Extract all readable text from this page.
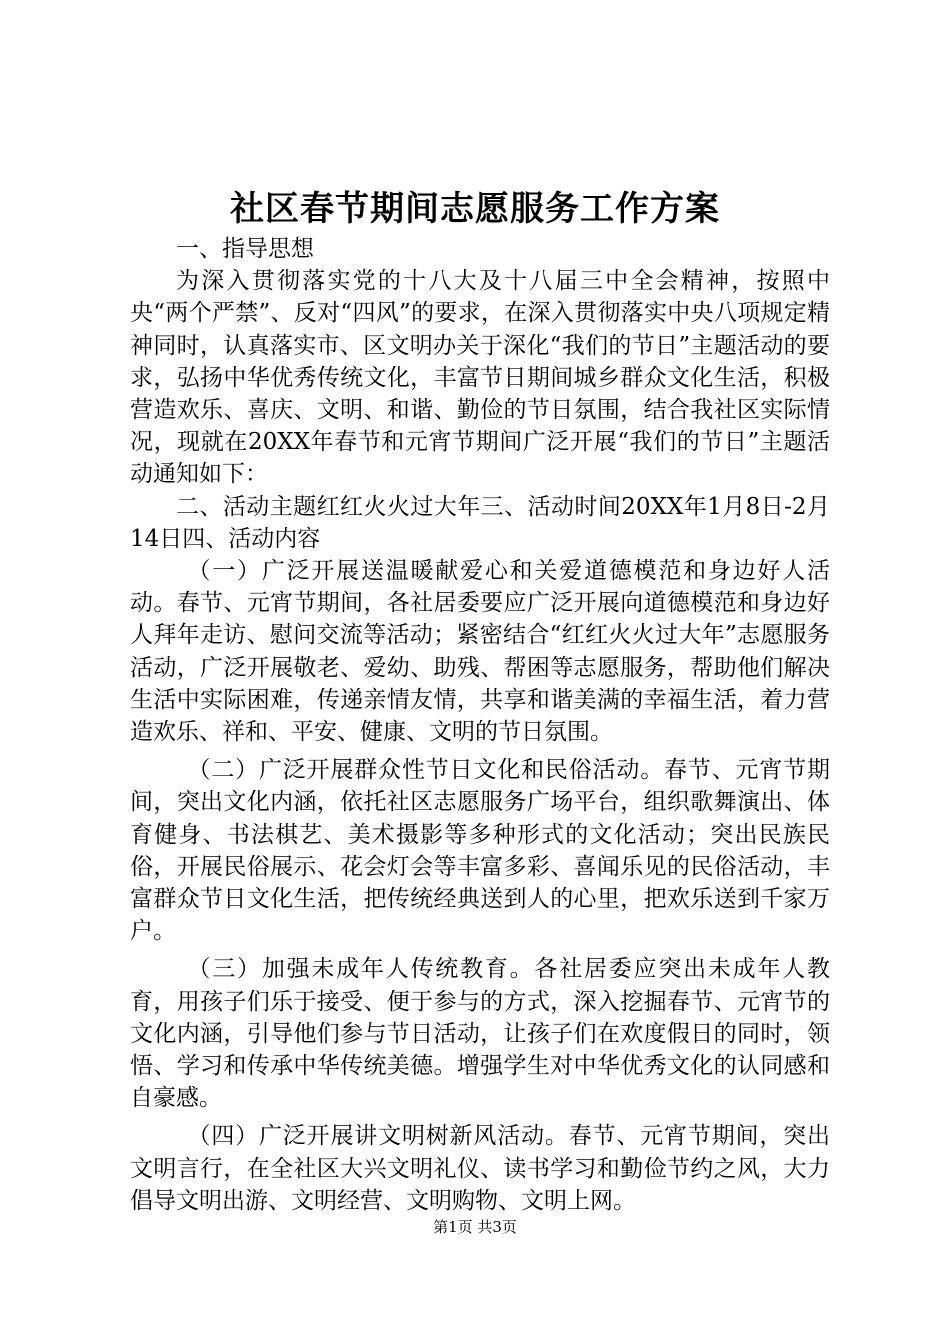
社区春节期间志愿服务工作方案

一、指导思想

为深入贯彻落实党的十八大及十八届三中全会精神，按照中央“两个严禁”、反对“四风”的要求，在深入贯彻落实中央八项规定精神同时，认真落实市、区文明办关于深化“我们的节日”主题活动的要求，弘扬中华优秀传统文化，丰富节日期间城乡群众文化生活，积极营造欢乐、喜庆、文明、和谐、勤俭的节日氛围，结合我社区实际情况，现就在20XX年春节和元宵节期间广泛开展“我们的节日”主题活动通知如下：

二、活动主题红红火火过大年三、活动时间20XX年1月8日-2月14日四、活动内容

（一）广泛开展送温暖献爱心和关爱道德模范和身边好人活动。春节、元宵节期间，各社居委要应广泛开展向道德模范和身边好人拜年走访、慰问交流等活动；紧密结合“红红火火过大年”志愿服务活动，广泛开展敬老、爱幼、助残、帮困等志愿服务，帮助他们解决生活中实际困难，传递亲情友情，共享和谐美满的幸福生活，着力营造欢乐、祥和、平安、健康、文明的节日氛围。

（二）广泛开展群众性节日文化和民俗活动。春节、元宵节期间，突出文化内涵，依托社区志愿服务广场平台，组织歌舞演出、体育健身、书法棋艺、美术摄影等多种形式的文化活动；突出民族民俗，开展民俗展示、花会灯会等丰富多彩、喜闻乐见的民俗活动，丰富群众节日文化生活，把传统经典送到人的心里，把欢乐送到千家万户。

（三）加强未成年人传统教育。各社居委应突出未成年人教育，用孩子们乐于接受、便于参与的方式，深入挖掘春节、元宵节的文化内涵，引导他们参与节日活动，让孩子们在欢度假日的同时，领悟、学习和传承中华传统美德。增强学生对中华优秀文化的认同感和自豪感。

（四）广泛开展讲文明树新风活动。春节、元宵节期间，突出文明言行，在全社区大兴文明礼仪、读书学习和勤俭节约之风，大力倡导文明出游、文明经营、文明购物、文明上网。

第1页 共3页
